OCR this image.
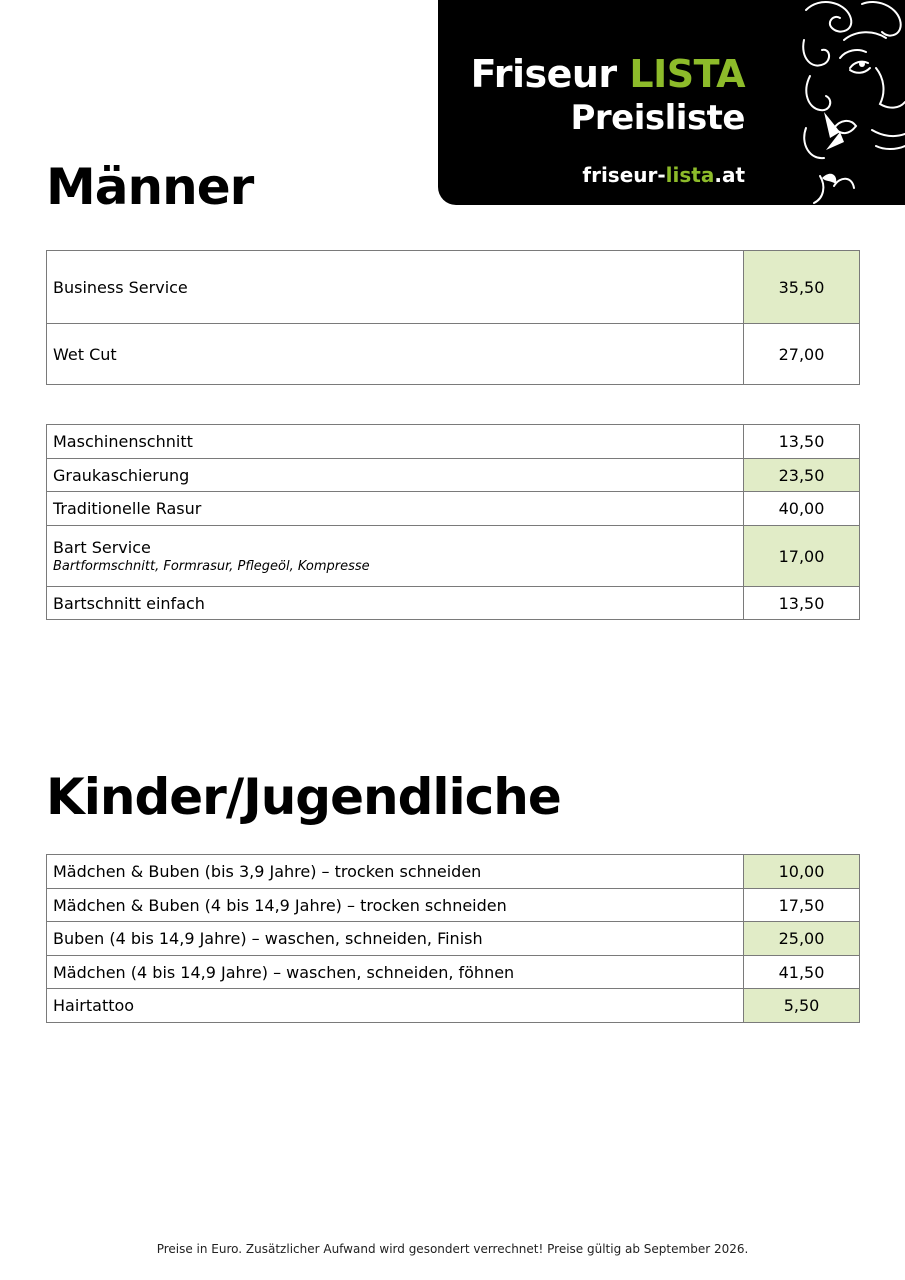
Friseur LISTA
Preisliste
friseur-lista.at
Männer
Business Service	35,50
Wet Cut	27,00
Maschinenschnitt	13,50
Graukaschierung	23,50
Traditionelle Rasur	40,00
Bart Service
Bartformschnitt, Formrasur, Pflegeöl, Kompresse	17,00
Bartschnitt einfach	13,50
Kinder/Jugendliche
Mädchen & Buben (bis 3,9 Jahre) – trocken schneiden	10,00
Mädchen & Buben (4 bis 14,9 Jahre) – trocken schneiden	17,50
Buben (4 bis 14,9 Jahre) – waschen, schneiden, Finish	25,00
Mädchen (4 bis 14,9 Jahre) – waschen, schneiden, föhnen	41,50
Hairtattoo	5,50
Preise in Euro. Zusätzlicher Aufwand wird gesondert verrechnet! Preise gültig ab September 2026.
